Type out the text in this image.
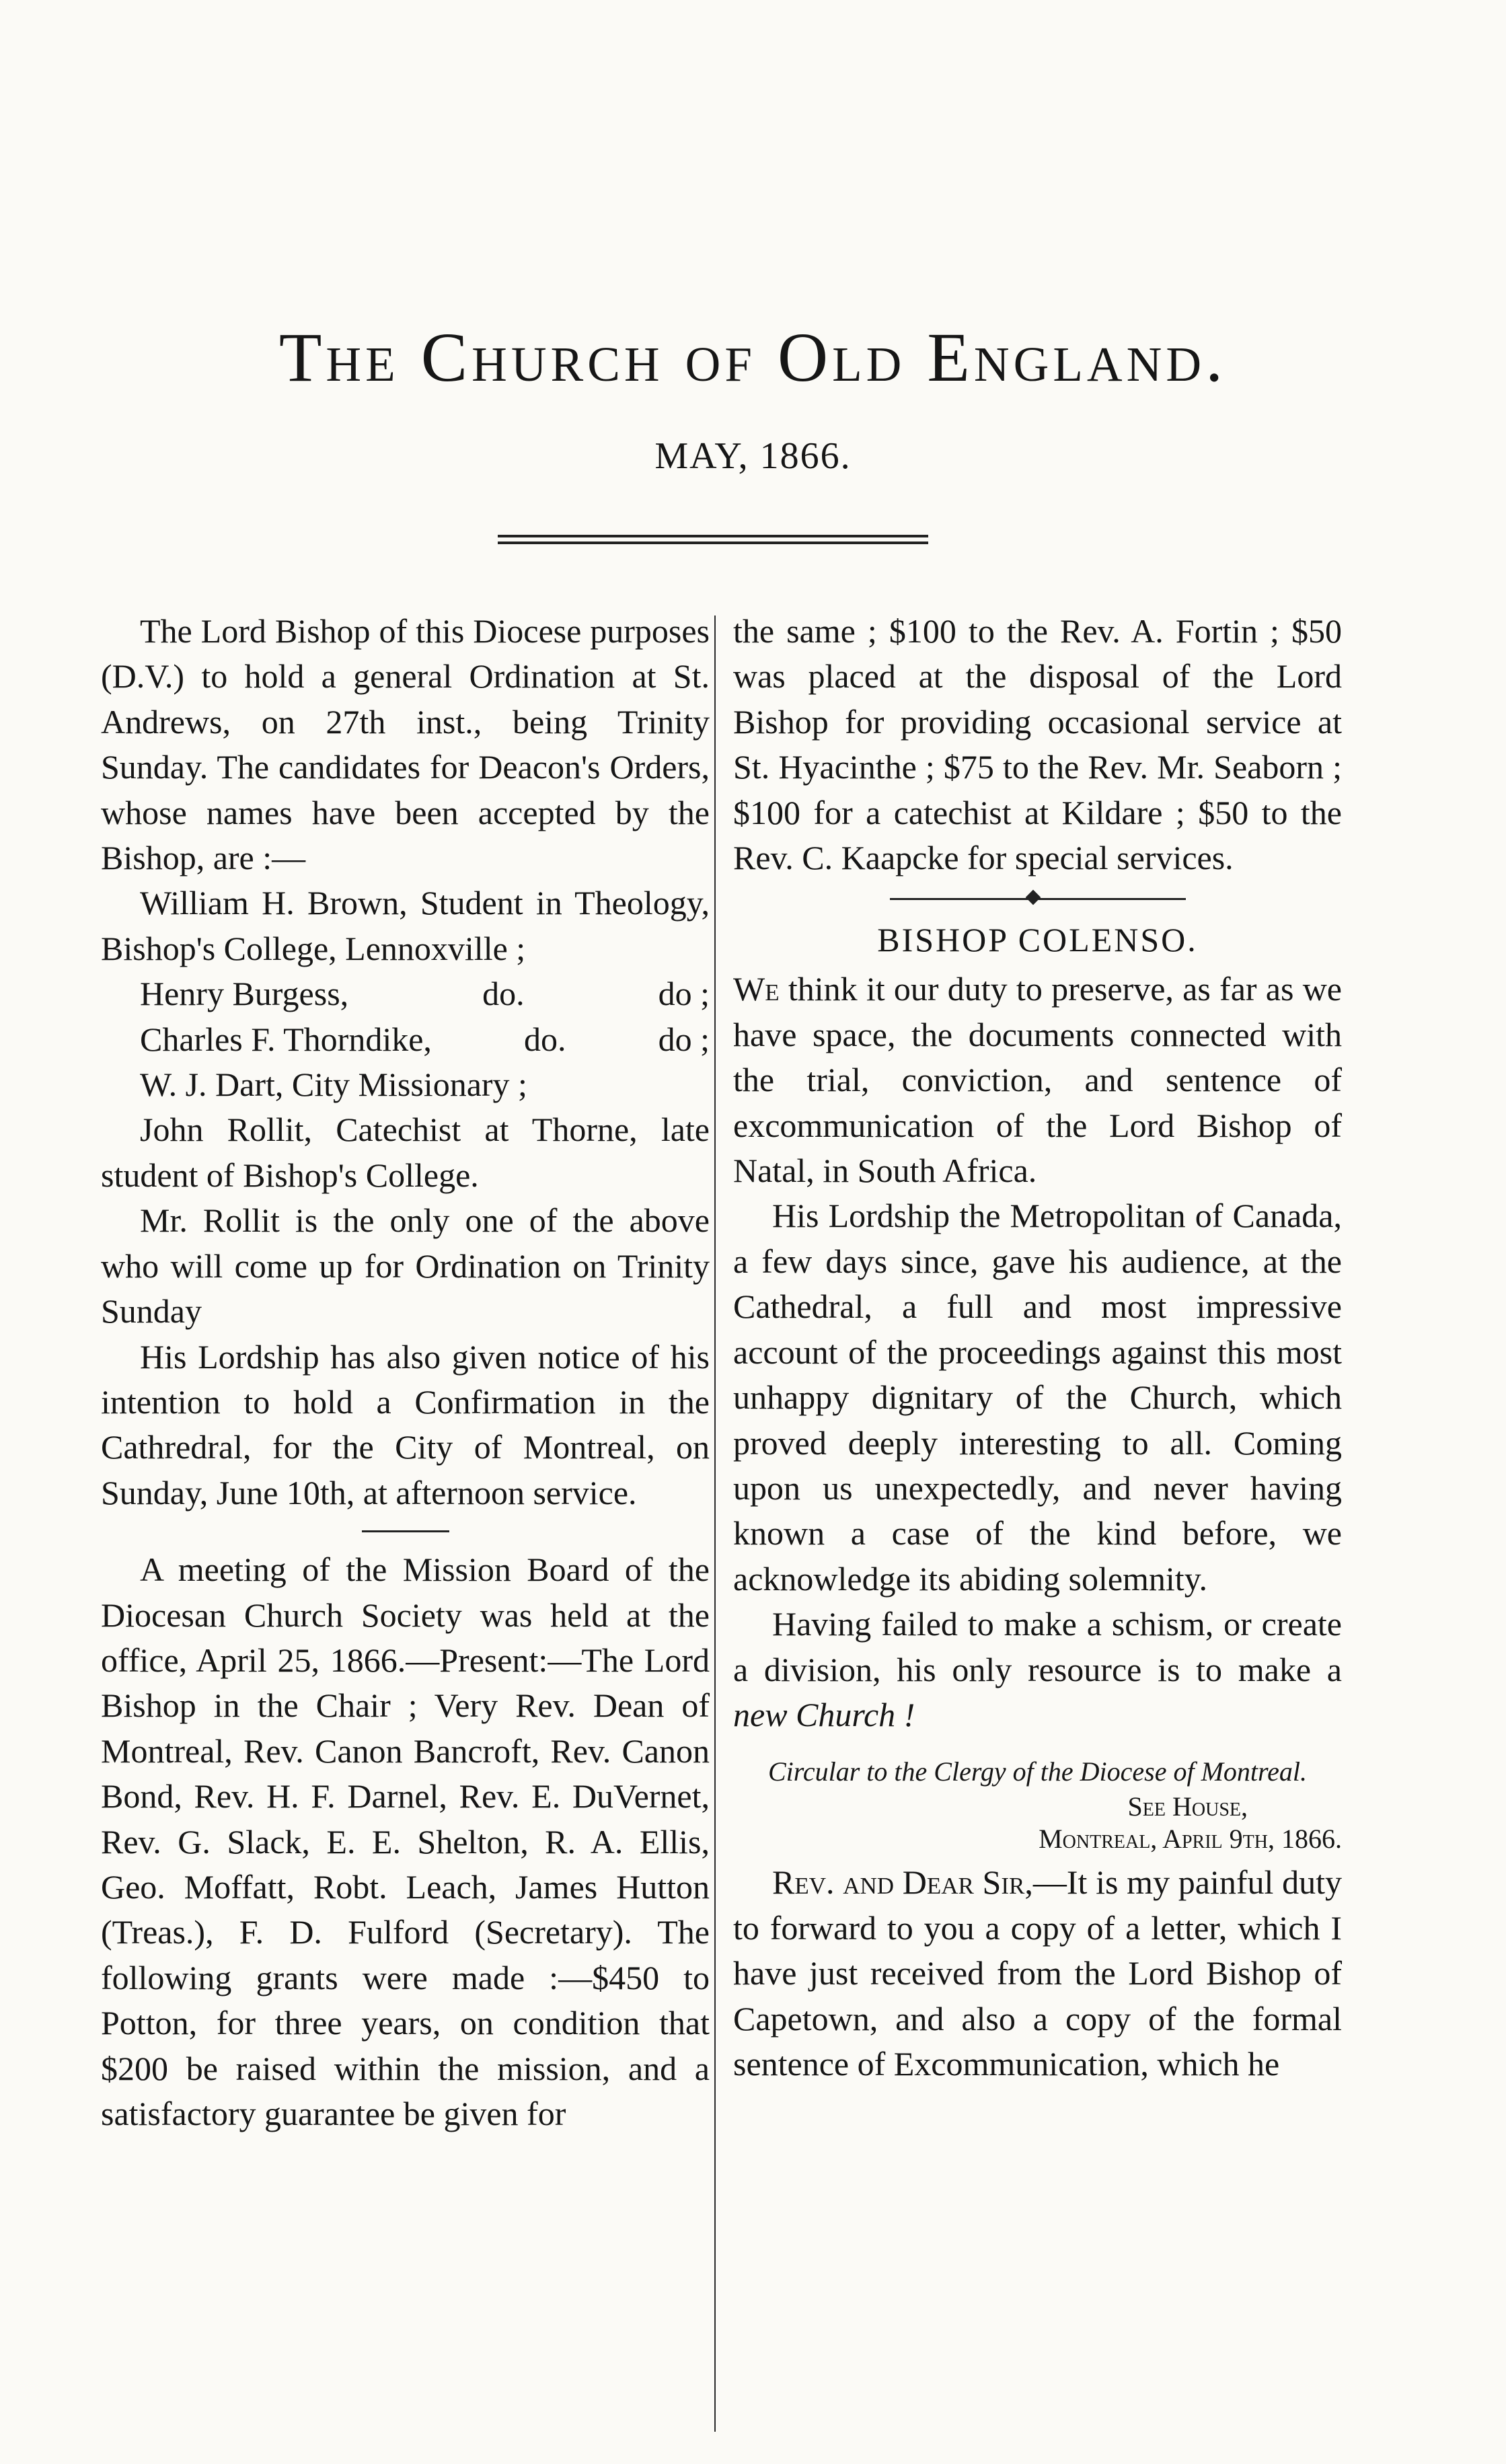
The Church of Old England.
MAY, 1866.

The Lord Bishop of this Diocese purposes (D.V.) to hold a general Ordination at St. Andrews, on 27th inst., being Trinity Sunday. The candidates for Deacon's Orders, whose names have been accepted by the Bishop, are :—

William H. Brown, Student in Theology, Bishop's College, Lennoxville ;

Henry Burgess,	do.	do ;
Charles F. Thorndike,	do.	do ;

W. J. Dart, City Missionary ;

John Rollit, Catechist at Thorne, late student of Bishop's College.

Mr. Rollit is the only one of the above who will come up for Ordination on Trinity Sunday

His Lordship has also given notice of his intention to hold a Confirmation in the Cathredral, for the City of Montreal, on Sunday, June 10th, at afternoon service.

A meeting of the Mission Board of the Diocesan Church Society was held at the office, April 25, 1866.—Present:—The Lord Bishop in the Chair ; Very Rev. Dean of Montreal, Rev. Canon Bancroft, Rev. Canon Bond, Rev. H. F. Darnel, Rev. E. DuVernet, Rev. G. Slack, E. E. Shelton, R. A. Ellis, Geo. Moffatt, Robt. Leach, James Hutton (Treas.), F. D. Fulford (Secretary). The following grants were made :—$450 to Potton, for three years, on condition that $200 be raised within the mission, and a satisfactory guarantee be given for

the same ; $100 to the Rev. A. Fortin ; $50 was placed at the disposal of the Lord Bishop for providing occasional service at St. Hyacinthe ; $75 to the Rev. Mr. Seaborn ; $100 for a catechist at Kildare ; $50 to the Rev. C. Kaapcke for special services.

BISHOP COLENSO.

We think it our duty to preserve, as far as we have space, the documents connected with the trial, conviction, and sentence of excommunication of the Lord Bishop of Natal, in South Africa.

His Lordship the Metropolitan of Canada, a few days since, gave his audience, at the Cathedral, a full and most impressive account of the proceedings against this most unhappy dignitary of the Church, which proved deeply interesting to all. Coming upon us unexpectedly, and never having known a case of the kind before, we acknowledge its abiding solemnity.

Having failed to make a schism, or create a division, his only resource is to make a new Church !

Circular to the Clergy of the Diocese of Montreal.
See House,
Montreal, April 9th, 1866.

Rev. and Dear Sir,—It is my painful duty to forward to you a copy of a letter, which I have just received from the Lord Bishop of Capetown, and also a copy of the formal sentence of Excommunication, which he
